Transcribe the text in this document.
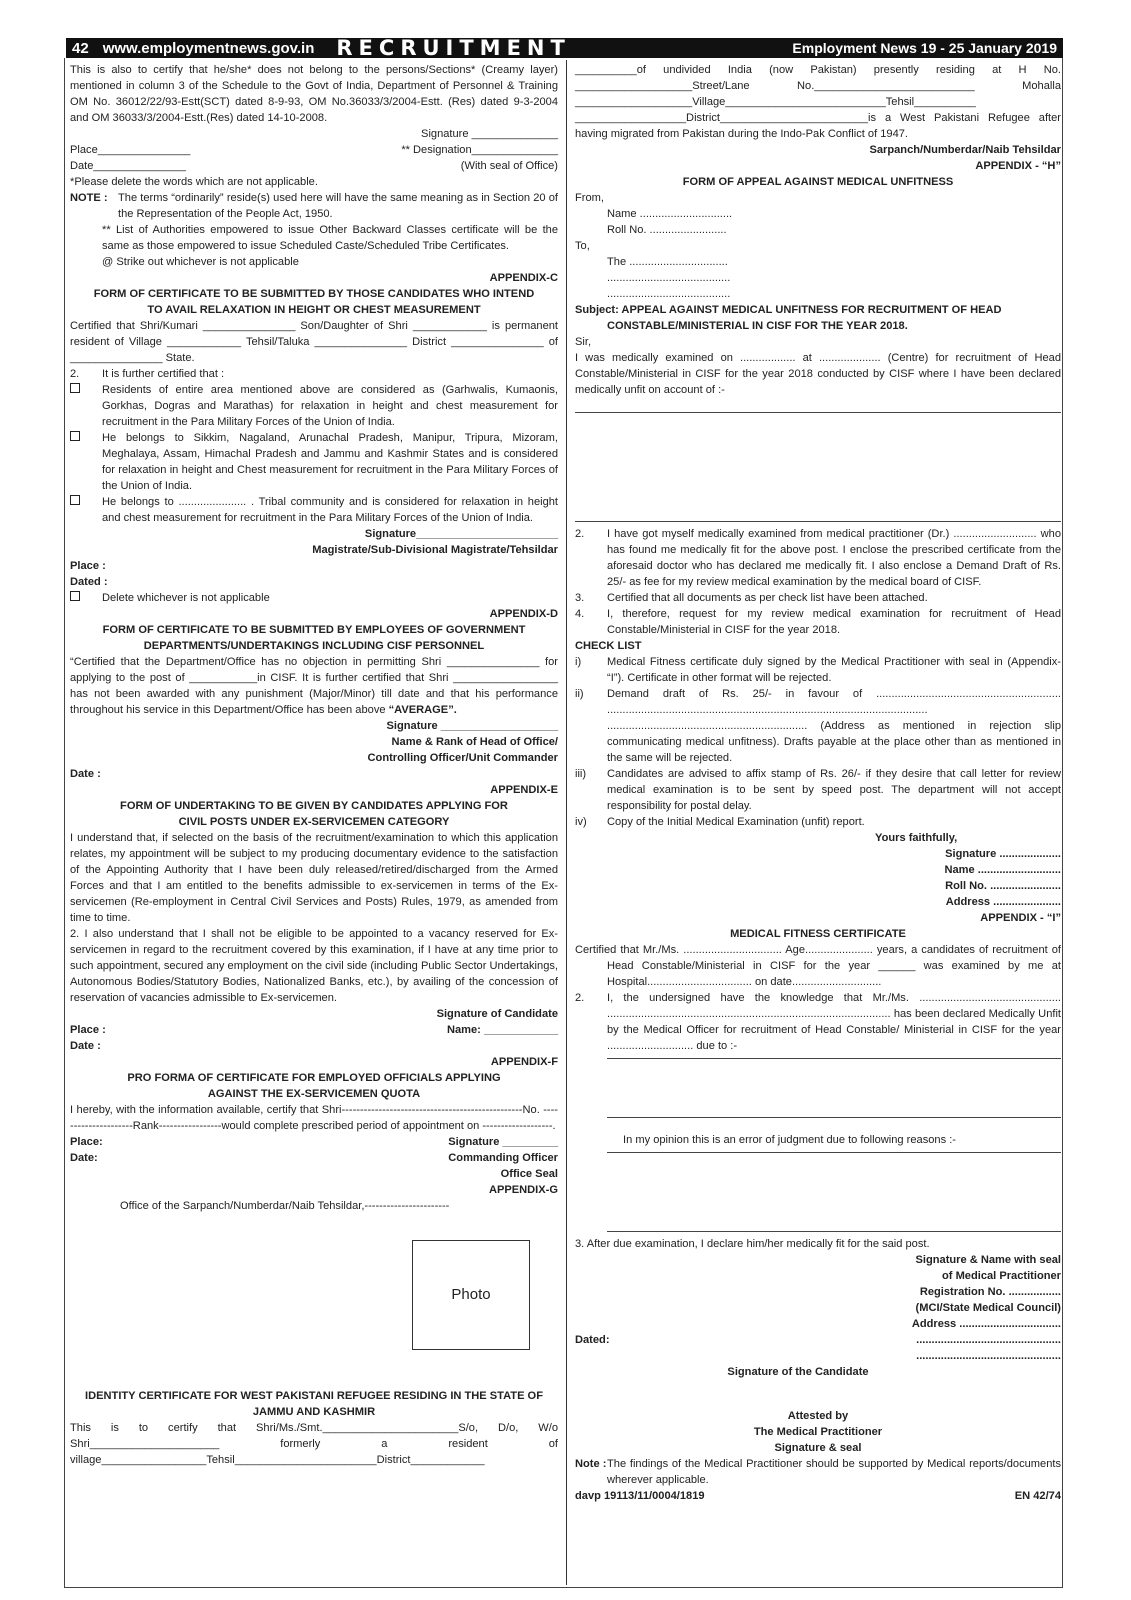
42 www.employmentnews.gov.in RECRUITMENT	Employment News 19 - 25 January 2019

This is also to certify that he/she* does not belong to the persons/Sections* (Creamy layer) mentioned in column 3 of the Schedule to the Govt of India, Department of Personnel & Training OM No. 36012/22/93-Estt(SCT) dated 8-9-93, OM No.36033/3/2004-Estt. (Res) dated 9-3-2004 and OM 36033/3/2004-Estt.(Res) dated 14-10-2008.

Signature ______________

Place_______________	** Designation______________
Date_______________	(With seal of Office)

*Please delete the words which are not applicable.

NOTE : The terms “ordinarily” reside(s) used here will have the same meaning as in Section 20 of the Representation of the People Act, 1950.

** List of Authorities empowered to issue Other Backward Classes certificate will be the same as those empowered to issue Scheduled Caste/Scheduled Tribe Certificates.

@ Strike out whichever is not applicable

APPENDIX-C

FORM OF CERTIFICATE TO BE SUBMITTED BY THOSE CANDIDATES WHO INTEND TO AVAIL RELAXATION IN HEIGHT OR CHEST MEASUREMENT

Certified that Shri/Kumari _______________ Son/Daughter of Shri ____________ is permanent resident of Village ____________ Tehsil/Taluka _______________ District _______________ of _______________ State.

2.	It is further certified that :
Residents of entire area mentioned above are considered as (Garhwalis, Kumaonis, Gorkhas, Dogras and Marathas) for relaxation in height and chest measurement for recruitment in the Para Military Forces of the Union of India.
He belongs to Sikkim, Nagaland, Arunachal Pradesh, Manipur, Tripura, Mizoram, Meghalaya, Assam, Himachal Pradesh and Jammu and Kashmir States and is considered for relaxation in height and Chest measurement for recruitment in the Para Military Forces of the Union of India.
He belongs to ...................... . Tribal community and is considered for relaxation in height and chest measurement for recruitment in the Para Military Forces of the Union of India.

Signature_______________________

Magistrate/Sub-Divisional Magistrate/Tehsildar

Place :

Dated :

Delete whichever is not applicable

APPENDIX-D

FORM OF CERTIFICATE TO BE SUBMITTED BY EMPLOYEES OF GOVERNMENT DEPARTMENTS/UNDERTAKINGS INCLUDING CISF PERSONNEL

“Certified that the Department/Office has no objection in permitting Shri _______________ for applying to the post of ___________in CISF. It is further certified that Shri _________________ has not been awarded with any punishment (Major/Minor) till date and that his performance throughout his service in this Department/Office has been above “AVERAGE”.

Signature ___________________

Name & Rank of Head of Office/

Controlling Officer/Unit Commander

Date :

APPENDIX-E

FORM OF UNDERTAKING TO BE GIVEN BY CANDIDATES APPLYING FOR CIVIL POSTS UNDER EX-SERVICEMEN CATEGORY

I understand that, if selected on the basis of the recruitment/examination to which this application relates, my appointment will be subject to my producing documentary evidence to the satisfaction of the Appointing Authority that I have been duly released/retired/discharged from the Armed Forces and that I am entitled to the benefits admissible to ex-servicemen in terms of the Ex-servicemen (Re-employment in Central Civil Services and Posts) Rules, 1979, as amended from time to time.

2. I also understand that I shall not be eligible to be appointed to a vacancy reserved for Ex-servicemen in regard to the recruitment covered by this examination, if I have at any time prior to such appointment, secured any employment on the civil side (including Public Sector Undertakings, Autonomous Bodies/Statutory Bodies, Nationalized Banks, etc.), by availing of the concession of reservation of vacancies admissible to Ex-servicemen.

Signature of Candidate

Place :	Name: ____________

Date :

APPENDIX-F

PRO FORMA OF CERTIFICATE FOR EMPLOYED OFFICIALS APPLYING AGAINST THE EX-SERVICEMEN QUOTA

I hereby, with the information available, certify that Shri-------------------------------------------------No. ---------------------Rank-----------------would complete prescribed period of appointment on -------------------.

Place:	Signature _________
Date:	Commanding Officer

Office Seal

APPENDIX-G

Office of the Sarpanch/Numberdar/Naib Tehsildar,-----------------------

Photo

IDENTITY CERTIFICATE FOR WEST PAKISTANI REFUGEE RESIDING IN THE STATE OF JAMMU AND KASHMIR

This is to certify that Shri/Ms./Smt.______________________S/o, D/o, W/o Shri_____________________ formerly a resident of village_________________Tehsil_______________________District____________

__________of undivided India (now Pakistan) presently residing at H No. ___________________Street/Lane No.__________________________ Mohalla ___________________Village__________________________Tehsil__________ __________________District________________________is a West Pakistani Refugee after having migrated from Pakistan during the Indo-Pak Conflict of 1947.

Sarpanch/Numberdar/Naib Tehsildar

APPENDIX - “H”

FORM OF APPEAL AGAINST MEDICAL UNFITNESS

From,

Name ..............................

Roll No. .........................

To,

The ................................

........................................

........................................

Subject: APPEAL AGAINST MEDICAL UNFITNESS FOR RECRUITMENT OF HEAD CONSTABLE/MINISTERIAL IN CISF FOR THE YEAR 2018.

Sir,

I was medically examined on .................. at .................... (Centre) for recruitment of Head Constable/Ministerial in CISF for the year 2018 conducted by CISF where I have been declared medically unfit on account of :-

2.	I have got myself medically examined from medical practitioner (Dr.) ........................... who has found me medically fit for the above post. I enclose the prescribed certificate from the aforesaid doctor who has declared me medically fit. I also enclose a Demand Draft of Rs. 25/- as fee for my review medical examination by the medical board of CISF.
3.	Certified that all documents as per check list have been attached.
4.	I, therefore, request for my review medical examination for recruitment of Head Constable/Ministerial in CISF for the year 2018.

CHECK LIST

i)	Medical Fitness certificate duly signed by the Medical Practitioner with seal in (Appendix- “I”). Certificate in other format will be rejected.
ii)	Demand draft of Rs. 25/- in favour of ............................................................ ........................................................................................................ ................................................................. (Address as mentioned in rejection slip communicating medical unfitness). Drafts payable at the place other than as mentioned in the same will be rejected.
iii)	Candidates are advised to affix stamp of Rs. 26/- if they desire that call letter for review medical examination is to be sent by speed post. The department will not accept responsibility for postal delay.
iv)	Copy of the Initial Medical Examination (unfit) report.

Yours faithfully,

Signature ....................

Name ...........................

Roll No. .......................

Address ......................

APPENDIX - “I”

MEDICAL FITNESS CERTIFICATE

Certified that Mr./Ms. ................................ Age...................... years, a candidates of recruitment of Head Constable/Ministerial in CISF for the year ______ was examined by me at Hospital.................................. on date.............................

2.	I, the undersigned have the knowledge that Mr./Ms. .............................................. ............................................................................................ has been declared Medically Unfit by the Medical Officer for recruitment of Head Constable/ Ministerial in CISF for the year ............................ due to :-

In my opinion this is an error of judgment due to following reasons :-

3. After due examination, I declare him/her medically fit for the said post.

Signature & Name with seal

of Medical Practitioner

Registration No. .................

(MCI/State Medical Council)

Address .................................

Dated:	...............................................

...............................................

Signature of the Candidate

Attested by

The Medical Practitioner

Signature & seal

Note : The findings of the Medical Practitioner should be supported by Medical reports/documents wherever applicable.
davp 19113/11/0004/1819	EN 42/74
